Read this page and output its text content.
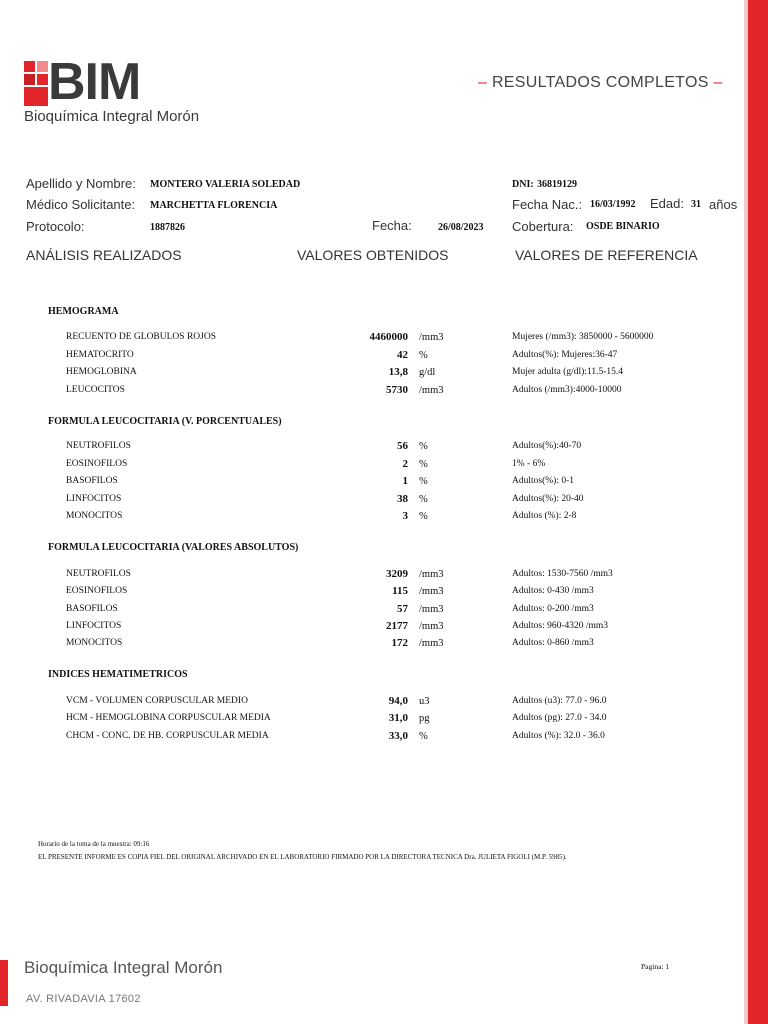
BIM
Bioquímica Integral Morón
– RESULTADOS COMPLETOS –
Apellido y Nombre: MONTERO VALERIA SOLEDAD
Médico Solicitante: MARCHETTA FLORENCIA
Protocolo:	1887826	Fecha:	26/08/2023
DNI: 36819129
Fecha Nac.: 16/03/1992 Edad: 31 años
Cobertura: OSDE BINARIO
ANÁLISIS REALIZADOS	VALORES OBTENIDOS	VALORES DE REFERENCIA
HEMOGRAMA
RECUENTO DE GLOBULOS ROJOS	4460000 /mm3	Mujeres (/mm3): 3850000 - 5600000
HEMATOCRITO	42 %	Adultos(%): Mujeres:36-47
HEMOGLOBINA	13,8 g/dl	Mujer adulta (g/dl):11.5-15.4
LEUCOCITOS	5730 /mm3	Adultos (/mm3):4000-10000
FORMULA LEUCOCITARIA (V. PORCENTUALES)
NEUTROFILOS	56 %	Adultos(%):40-70
EOSINOFILOS	2 %	1% - 6%
BASOFILOS	1 %	Adultos(%): 0-1
LINFOCITOS	38 %	Adultos(%): 20-40
MONOCITOS	3 %	Adultos (%): 2-8
FORMULA LEUCOCITARIA (VALORES ABSOLUTOS)
NEUTROFILOS	3209 /mm3	Adultos: 1530-7560 /mm3
EOSINOFILOS	115 /mm3	Adultos: 0-430 /mm3
BASOFILOS	57 /mm3	Adultos: 0-200 /mm3
LINFOCITOS	2177 /mm3	Adultos: 960-4320 /mm3
MONOCITOS	172 /mm3	Adultos: 0-860 /mm3
INDICES HEMATIMETRICOS
VCM - VOLUMEN CORPUSCULAR MEDIO	94,0 u3	Adultos (u3): 77.0 - 96.0
HCM - HEMOGLOBINA CORPUSCULAR MEDIA	31,0 pg	Adultos (pg): 27.0 - 34.0
CHCM - CONC. DE HB. CORPUSCULAR MEDIA	33,0 %	Adultos (%): 32.0 - 36.0
Horario de la toma de la muestra: 09:16
EL PRESENTE INFORME ES COPIA FIEL DEL ORIGINAL ARCHIVADO EN EL LABORATORIO FIRMADO POR LA DIRECTORA TECNICA Dra. JULIETA FIGOLI (M.P. 5985).
Bioquímica Integral Morón
AV. RIVADAVIA 17602
Pagina: 1
